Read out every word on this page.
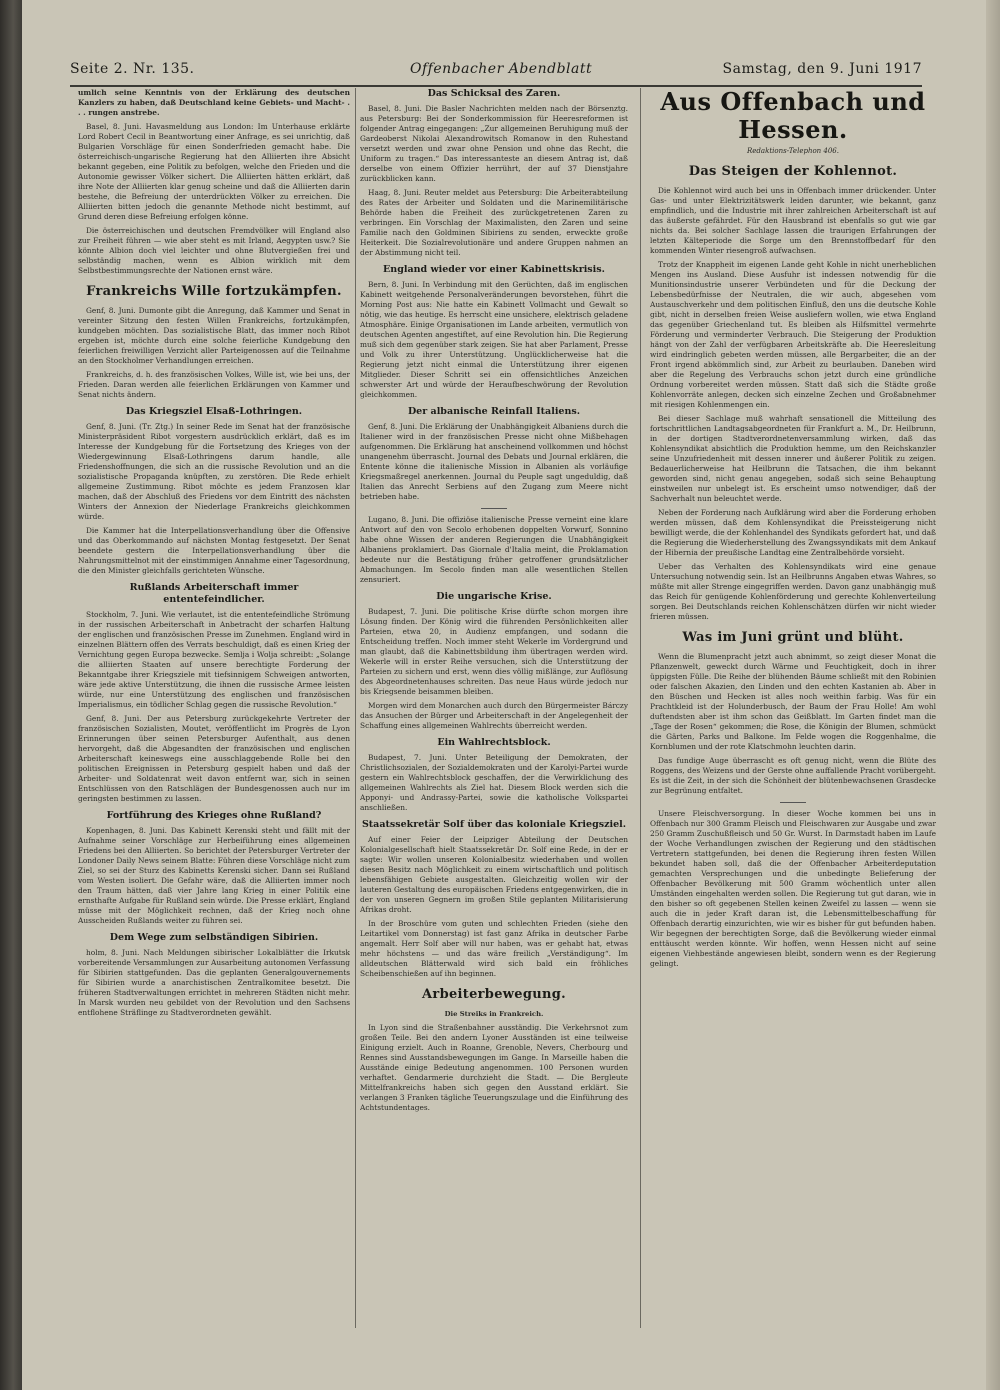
Seite 2. Nr. 135.	Offenbacher Abendblatt	Samstag, den 9. Juni 1917

umlich seine Kenntnis von der Erklärung des deutschen Kanzlers zu haben, daß Deutschland keine Gebiets- und Macht- . . . rungen anstrebe.

Basel, 8. Juni. Havasmeldung aus London: Im Unterhause erklärte Lord Robert Cecil in Beantwortung einer Anfrage, es sei unrichtig, daß Bulgarien Vorschläge für einen Sonderfrieden gemacht habe. Die österreichisch-ungarische Regierung hat den Alliierten ihre Absicht bekannt gegeben, eine Politik zu befolgen, welche den Frieden und die Autonomie gewisser Völker sichert. Die Alliierten hätten erklärt, daß ihre Note der Alliierten klar genug scheine und daß die Alliierten darin bestehe, die Befreiung der unterdrückten Völker zu erreichen. Die Alliierten bitten jedoch die genannte Methode nicht bestimmt, auf Grund deren diese Befreiung erfolgen könne.

Die österreichischen und deutschen Fremdvölker will England also zur Freiheit führen — wie aber steht es mit Irland, Aegypten usw.? Sie könnte Albion doch viel leichter und ohne Blutvergießen frei und selbständig machen, wenn es Albion wirklich mit dem Selbstbestimmungsrechte der Nationen ernst wäre.

Frankreichs Wille fortzukämpfen.

Genf, 8. Juni. Dumonte gibt die Anregung, daß Kammer und Senat in vereinter Sitzung den festen Willen Frankreichs, fortzukämpfen, kundgeben möchten. Das sozialistische Blatt, das immer noch Ribot ergeben ist, möchte durch eine solche feierliche Kundgebung den feierlichen freiwilligen Verzicht aller Parteigenossen auf die Teilnahme an den Stockholmer Verhandlungen erreichen.

Frankreichs, d. h. des französischen Volkes, Wille ist, wie bei uns, der Frieden. Daran werden alle feierlichen Erklärungen von Kammer und Senat nichts ändern.

Das Kriegsziel Elsaß-Lothringen.

Genf, 8. Juni. (Tr. Ztg.) In seiner Rede im Senat hat der französische Ministerpräsident Ribot vorgestern ausdrücklich erklärt, daß es im Interesse der Kundgebung für die Fortsetzung des Krieges von der Wiedergewinnung Elsaß-Lothringens darum handle, alle Friedenshoffnungen, die sich an die russische Revolution und an die sozialistische Propaganda knüpften, zu zerstören. Die Rede erhielt allgemeine Zustimmung. Ribot möchte es jedem Franzosen klar machen, daß der Abschluß des Friedens vor dem Eintritt des nächsten Winters der Annexion der Niederlage Frankreichs gleichkommen würde.

Die Kammer hat die Interpellationsverhandlung über die Offensive und das Oberkommando auf nächsten Montag festgesetzt. Der Senat beendete gestern die Interpellationsverhandlung über die Nahrungsmittelnot mit der einstimmigen Annahme einer Tagesordnung, die den Minister gleichfalls gerichteten Wünsche.

Rußlands Arbeiterschaft immer ententefeindlicher.

Stockholm, 7. Juni. Wie verlautet, ist die ententefeindliche Strömung in der russischen Arbeiterschaft in Anbetracht der scharfen Haltung der englischen und französischen Presse im Zunehmen. England wird in einzelnen Blättern offen des Verrats beschuldigt, daß es einen Krieg der Vernichtung gegen Europa bezwecke. Semlja i Wolja schreibt: „Solange die alliierten Staaten auf unsere berechtigte Forderung der Bekanntgabe ihrer Kriegsziele mit tiefsinnigem Schweigen antworten, wäre jede aktive Unterstützung, die ihnen die russische Armee leisten würde, nur eine Unterstützung des englischen und französischen Imperialismus, ein tödlicher Schlag gegen die russische Revolution.“

Genf, 8. Juni. Der aus Petersburg zurückgekehrte Vertreter der französischen Sozialisten, Moutet, veröffentlicht im Progrès de Lyon Erinnerungen über seinen Petersburger Aufenthalt, aus denen hervorgeht, daß die Abgesandten der französischen und englischen Arbeiterschaft keineswegs eine ausschlaggebende Rolle bei den politischen Ereignissen in Petersburg gespielt haben und daß der Arbeiter- und Soldatenrat weit davon entfernt war, sich in seinen Entschlüssen von den Ratschlägen der Bundesgenossen auch nur im geringsten bestimmen zu lassen.

Fortführung des Krieges ohne Rußland?

Kopenhagen, 8. Juni. Das Kabinett Kerenski steht und fällt mit der Aufnahme seiner Vorschläge zur Herbeiführung eines allgemeinen Friedens bei den Alliierten. So berichtet der Petersburger Vertreter der Londoner Daily News seinem Blatte: Führen diese Vorschläge nicht zum Ziel, so sei der Sturz des Kabinetts Kerenski sicher. Dann sei Rußland vom Westen isoliert. Die Gefahr wäre, daß die Alliierten immer noch den Traum hätten, daß vier Jahre lang Krieg in einer Politik eine ernsthafte Aufgabe für Rußland sein würde. Die Presse erklärt, England müsse mit der Möglichkeit rechnen, daß der Krieg noch ohne Ausscheiden Rußlands weiter zu führen sei.

Dem Wege zum selbständigen Sibirien.

holm, 8. Juni. Nach Meldungen sibirischer Lokalblätter die Irkutsk vorbereitende Versammlungen zur Ausarbeitung autonomen Verfassung für Sibirien stattgefunden. Das die geplanten Generalgouvernements für Sibirien wurde a anarchistischen Zentralkomitee besetzt. Die früheren Stadtverwaltungen errichtet in mehreren Städten nicht mehr. In Marsk wurden neu gebildet von der Revolution und den Sachsens entflohene Sträflinge zu Stadtverordneten gewählt.

Das Schicksal des Zaren.

Basel, 8. Juni. Die Basler Nachrichten melden nach der Börsenztg. aus Petersburg: Bei der Sonderkommission für Heeresreformen ist folgender Antrag eingegangen: „Zur allgemeinen Beruhigung muß der Gardeoberst Nikolai Alexandrowitsch Romanow in den Ruhestand versetzt werden und zwar ohne Pension und ohne das Recht, die Uniform zu tragen.“ Das interessanteste an diesem Antrag ist, daß derselbe von einem Offizier herrührt, der auf 37 Dienstjahre zurückblicken kann.

Haag, 8. Juni. Reuter meldet aus Petersburg: Die Arbeiterabteilung des Rates der Arbeiter und Soldaten und die Marinemilitärische Behörde haben die Freiheit des zurückgetretenen Zaren zu verbringen. Ein Vorschlag der Maximalisten, den Zaren und seine Familie nach den Goldminen Sibiriens zu senden, erweckte große Heiterkeit. Die Sozialrevolutionäre und andere Gruppen nahmen an der Abstimmung nicht teil.

England wieder vor einer Kabinettskrisis.

Bern, 8. Juni. In Verbindung mit den Gerüchten, daß im englischen Kabinett weitgehende Personalveränderungen bevorstehen, führt die Morning Post aus: Nie hatte ein Kabinett Vollmacht und Gewalt so nötig, wie das heutige. Es herrscht eine unsichere, elektrisch geladene Atmosphäre. Einige Organisationen im Lande arbeiten, vermutlich von deutschen Agenten angestiftet, auf eine Revolution hin. Die Regierung muß sich dem gegenüber stark zeigen. Sie hat aber Parlament, Presse und Volk zu ihrer Unterstützung. Unglücklicherweise hat die Regierung jetzt nicht einmal die Unterstützung ihrer eigenen Mitglieder. Dieser Schritt sei ein offensichtliches Anzeichen schwerster Art und würde der Heraufbeschwörung der Revolution gleichkommen.

Der albanische Reinfall Italiens.

Genf, 8. Juni. Die Erklärung der Unabhängigkeit Albaniens durch die Italiener wird in der französischen Presse nicht ohne Mißbehagen aufgenommen. Die Erklärung hat anscheinend vollkommen und höchst unangenehm überrascht. Journal des Debats und Journal erklären, die Entente könne die italienische Mission in Albanien als vorläufige Kriegsmaßregel anerkennen. Journal du Peuple sagt ungeduldig, daß Italien das Anrecht Serbiens auf den Zugang zum Meere nicht betrieben habe.

Lugano, 8. Juni. Die offiziöse italienische Presse verneint eine klare Antwort auf den von Secolo erhobenen doppelten Vorwurf, Sonnino habe ohne Wissen der anderen Regierungen die Unabhängigkeit Albaniens proklamiert. Das Giornale d'Italia meint, die Proklamation bedeute nur die Bestätigung früher getroffener grundsätzlicher Abmachungen. Im Secolo finden man alle wesentlichen Stellen zensuriert.

Die ungarische Krise.

Budapest, 7. Juni. Die politische Krise dürfte schon morgen ihre Lösung finden. Der König wird die führenden Persönlichkeiten aller Parteien, etwa 20, in Audienz empfangen, und sodann die Entscheidung treffen. Noch immer steht Wekerle im Vordergrund und man glaubt, daß die Kabinettsbildung ihm übertragen werden wird. Wekerle will in erster Reihe versuchen, sich die Unterstützung der Parteien zu sichern und erst, wenn dies völlig mißlänge, zur Auflösung des Abgeordnetenhauses schreiten. Das neue Haus würde jedoch nur bis Kriegsende beisammen bleiben.

Morgen wird dem Monarchen auch durch den Bürgermeister Bárczy das Ansuchen der Bürger und Arbeiterschaft in der Angelegenheit der Schaffung eines allgemeinen Wahlrechts überreicht werden.

Ein Wahlrechtsblock.

Budapest, 7. Juni. Unter Beteiligung der Demokraten, der Christlichsozialen, der Sozialdemokraten und der Karolyi-Partei wurde gestern ein Wahlrechtsblock geschaffen, der die Verwirklichung des allgemeinen Wahlrechts als Ziel hat. Diesem Block werden sich die Apponyi- und Andrassy-Partei, sowie die katholische Volkspartei anschließen.

Staatssekretär Solf über das koloniale Kriegsziel.

Auf einer Feier der Leipziger Abteilung der Deutschen Kolonialgesellschaft hielt Staatssekretär Dr. Solf eine Rede, in der er sagte: Wir wollen unseren Kolonialbesitz wiederhaben und wollen diesen Besitz nach Möglichkeit zu einem wirtschaftlich und politisch lebensfähigen Gebiete ausgestalten. Gleichzeitig wollen wir der lauteren Gestaltung des europäischen Friedens entgegenwirken, die in der von unseren Gegnern im großen Stile geplanten Militarisierung Afrikas droht.

In der Broschüre vom guten und schlechten Frieden (siehe den Leitartikel vom Donnerstag) ist fast ganz Afrika in deutscher Farbe angemalt. Herr Solf aber will nur haben, was er gehabt hat, etwas mehr höchstens — und das wäre freilich „Verständigung“. Im alldeutschen Blätterwald wird sich bald ein fröhliches Scheibenschießen auf ihn beginnen.

Arbeiterbewegung.
Die Streiks in Frankreich.

In Lyon sind die Straßenbahner ausständig. Die Verkehrsnot zum großen Teile. Bei den andern Lyoner Ausständen ist eine teilweise Einigung erzielt. Auch in Roanne, Grenoble, Nevers, Cherbourg und Rennes sind Ausstandsbewegungen im Gange. In Marseille haben die Ausstände einige Bedeutung angenommen. 100 Personen wurden verhaftet. Gendarmerie durchzieht die Stadt. — Die Bergleute Mittelfrankreichs haben sich gegen den Ausstand erklärt. Sie verlangen 3 Franken tägliche Teuerungszulage und die Einführung des Achtstundentages.

Aus Offenbach und Hessen.
Redaktions-Telephon 406.
Das Steigen der Kohlennot.

Die Kohlennot wird auch bei uns in Offenbach immer drückender. Unter Gas- und unter Elektrizitätswerk leiden darunter, wie bekannt, ganz empfindlich, und die Industrie mit ihrer zahlreichen Arbeiterschaft ist auf das äußerste gefährdet. Für den Hausbrand ist ebenfalls so gut wie gar nichts da. Bei solcher Sachlage lassen die traurigen Erfahrungen der letzten Kälteperiode die Sorge um den Brennstoffbedarf für den kommenden Winter riesengroß aufwachsen.

Trotz der Knappheit im eigenen Lande geht Kohle in nicht unerheblichen Mengen ins Ausland. Diese Ausfuhr ist indessen notwendig für die Munitionsindustrie unserer Verbündeten und für die Deckung der Lebensbedürfnisse der Neutralen, die wir auch, abgesehen vom Austauschverkehr und dem politischen Einfluß, den uns die deutsche Kohle gibt, nicht in derselben freien Weise ausliefern wollen, wie etwa England das gegenüber Griechenland tut. Es bleiben als Hilfsmittel vermehrte Förderung und verminderter Verbrauch. Die Steigerung der Produktion hängt von der Zahl der verfügbaren Arbeitskräfte ab. Die Heeresleitung wird eindringlich gebeten werden müssen, alle Bergarbeiter, die an der Front irgend abkömmlich sind, zur Arbeit zu beurlauben. Daneben wird aber die Regelung des Verbrauchs schon jetzt durch eine gründliche Ordnung vorbereitet werden müssen. Statt daß sich die Städte große Kohlenvorräte anlegen, decken sich einzelne Zechen und Großabnehmer mit riesigen Kohlenmengen ein.

Bei dieser Sachlage muß wahrhaft sensationell die Mitteilung des fortschrittlichen Landtagsabgeordneten für Frankfurt a. M., Dr. Heilbrunn, in der dortigen Stadtverordnetenversammlung wirken, daß das Kohlensyndikat absichtlich die Produktion hemme, um den Reichskanzler seine Unzufriedenheit mit dessen innerer und äußerer Politik zu zeigen. Bedauerlicherweise hat Heilbrunn die Tatsachen, die ihm bekannt geworden sind, nicht genau angegeben, sodaß sich seine Behauptung einstweilen nur unbelegt ist. Es erscheint umso notwendiger, daß der Sachverhalt nun beleuchtet werde.

Neben der Forderung nach Aufklärung wird aber die Forderung erhoben werden müssen, daß dem Kohlensyndikat die Preissteigerung nicht bewilligt werde, die der Kohlenhandel des Syndikats gefordert hat, und daß die Regierung die Wiederherstellung des Zwangssyndikats mit dem Ankauf der Hibernia der preußische Landtag eine Zentralbehörde vorsieht.

Ueber das Verhalten des Kohlensyndikats wird eine genaue Untersuchung notwendig sein. Ist an Heilbrunns Angaben etwas Wahres, so müßte mit aller Strenge eingegriffen werden. Davon ganz unabhängig muß das Reich für genügende Kohlenförderung und gerechte Kohlenverteilung sorgen. Bei Deutschlands reichen Kohlenschätzen dürfen wir nicht wieder frieren müssen.

Was im Juni grünt und blüht.

Wenn die Blumenpracht jetzt auch abnimmt, so zeigt dieser Monat die Pflanzenwelt, geweckt durch Wärme und Feuchtigkeit, doch in ihrer üppigsten Fülle. Die Reihe der blühenden Bäume schließt mit den Robinien oder falschen Akazien, den Linden und den echten Kastanien ab. Aber in den Büschen und Hecken ist alles noch weithin farbig. Was für ein Prachtkleid ist der Holunderbusch, der Baum der Frau Holle! Am wohl duftendsten aber ist ihm schon das Geißblatt. Im Garten findet man die „Tage der Rosen“ gekommen; die Rose, die Königin der Blumen, schmückt die Gärten, Parks und Balkone. Im Felde wogen die Roggenhalme, die Kornblumen und der rote Klatschmohn leuchten darin.

Das fundige Auge überrascht es oft genug nicht, wenn die Blüte des Roggens, des Weizens und der Gerste ohne auffallende Pracht vorübergeht. Es ist die Zeit, in der sich die Schönheit der blütenbewachsenen Grasdecke zur Begrünung entfaltet.

Unsere Fleischversorgung. In dieser Woche kommen bei uns in Offenbach nur 300 Gramm Fleisch und Fleischwaren zur Ausgabe und zwar 250 Gramm Zuschußfleisch und 50 Gr. Wurst. In Darmstadt haben im Laufe der Woche Verhandlungen zwischen der Regierung und den städtischen Vertretern stattgefunden, bei denen die Regierung ihren festen Willen bekundet haben soll, daß die der Offenbacher Arbeiterdeputation gemachten Versprechungen und die unbedingte Belieferung der Offenbacher Bevölkerung mit 500 Gramm wöchentlich unter allen Umständen eingehalten werden sollen. Die Regierung tut gut daran, wie in den bisher so oft gegebenen Stellen keinen Zweifel zu lassen — wenn sie auch die in jeder Kraft daran ist, die Lebensmittelbeschaffung für Offenbach derartig einzurichten, wie wir es bisher für gut befunden haben. Wir begegnen der berechtigten Sorge, daß die Bevölkerung wieder einmal enttäuscht werden könnte. Wir hoffen, wenn Hessen nicht auf seine eigenen Viehbestände angewiesen bleibt, sondern wenn es der Regierung gelingt.
